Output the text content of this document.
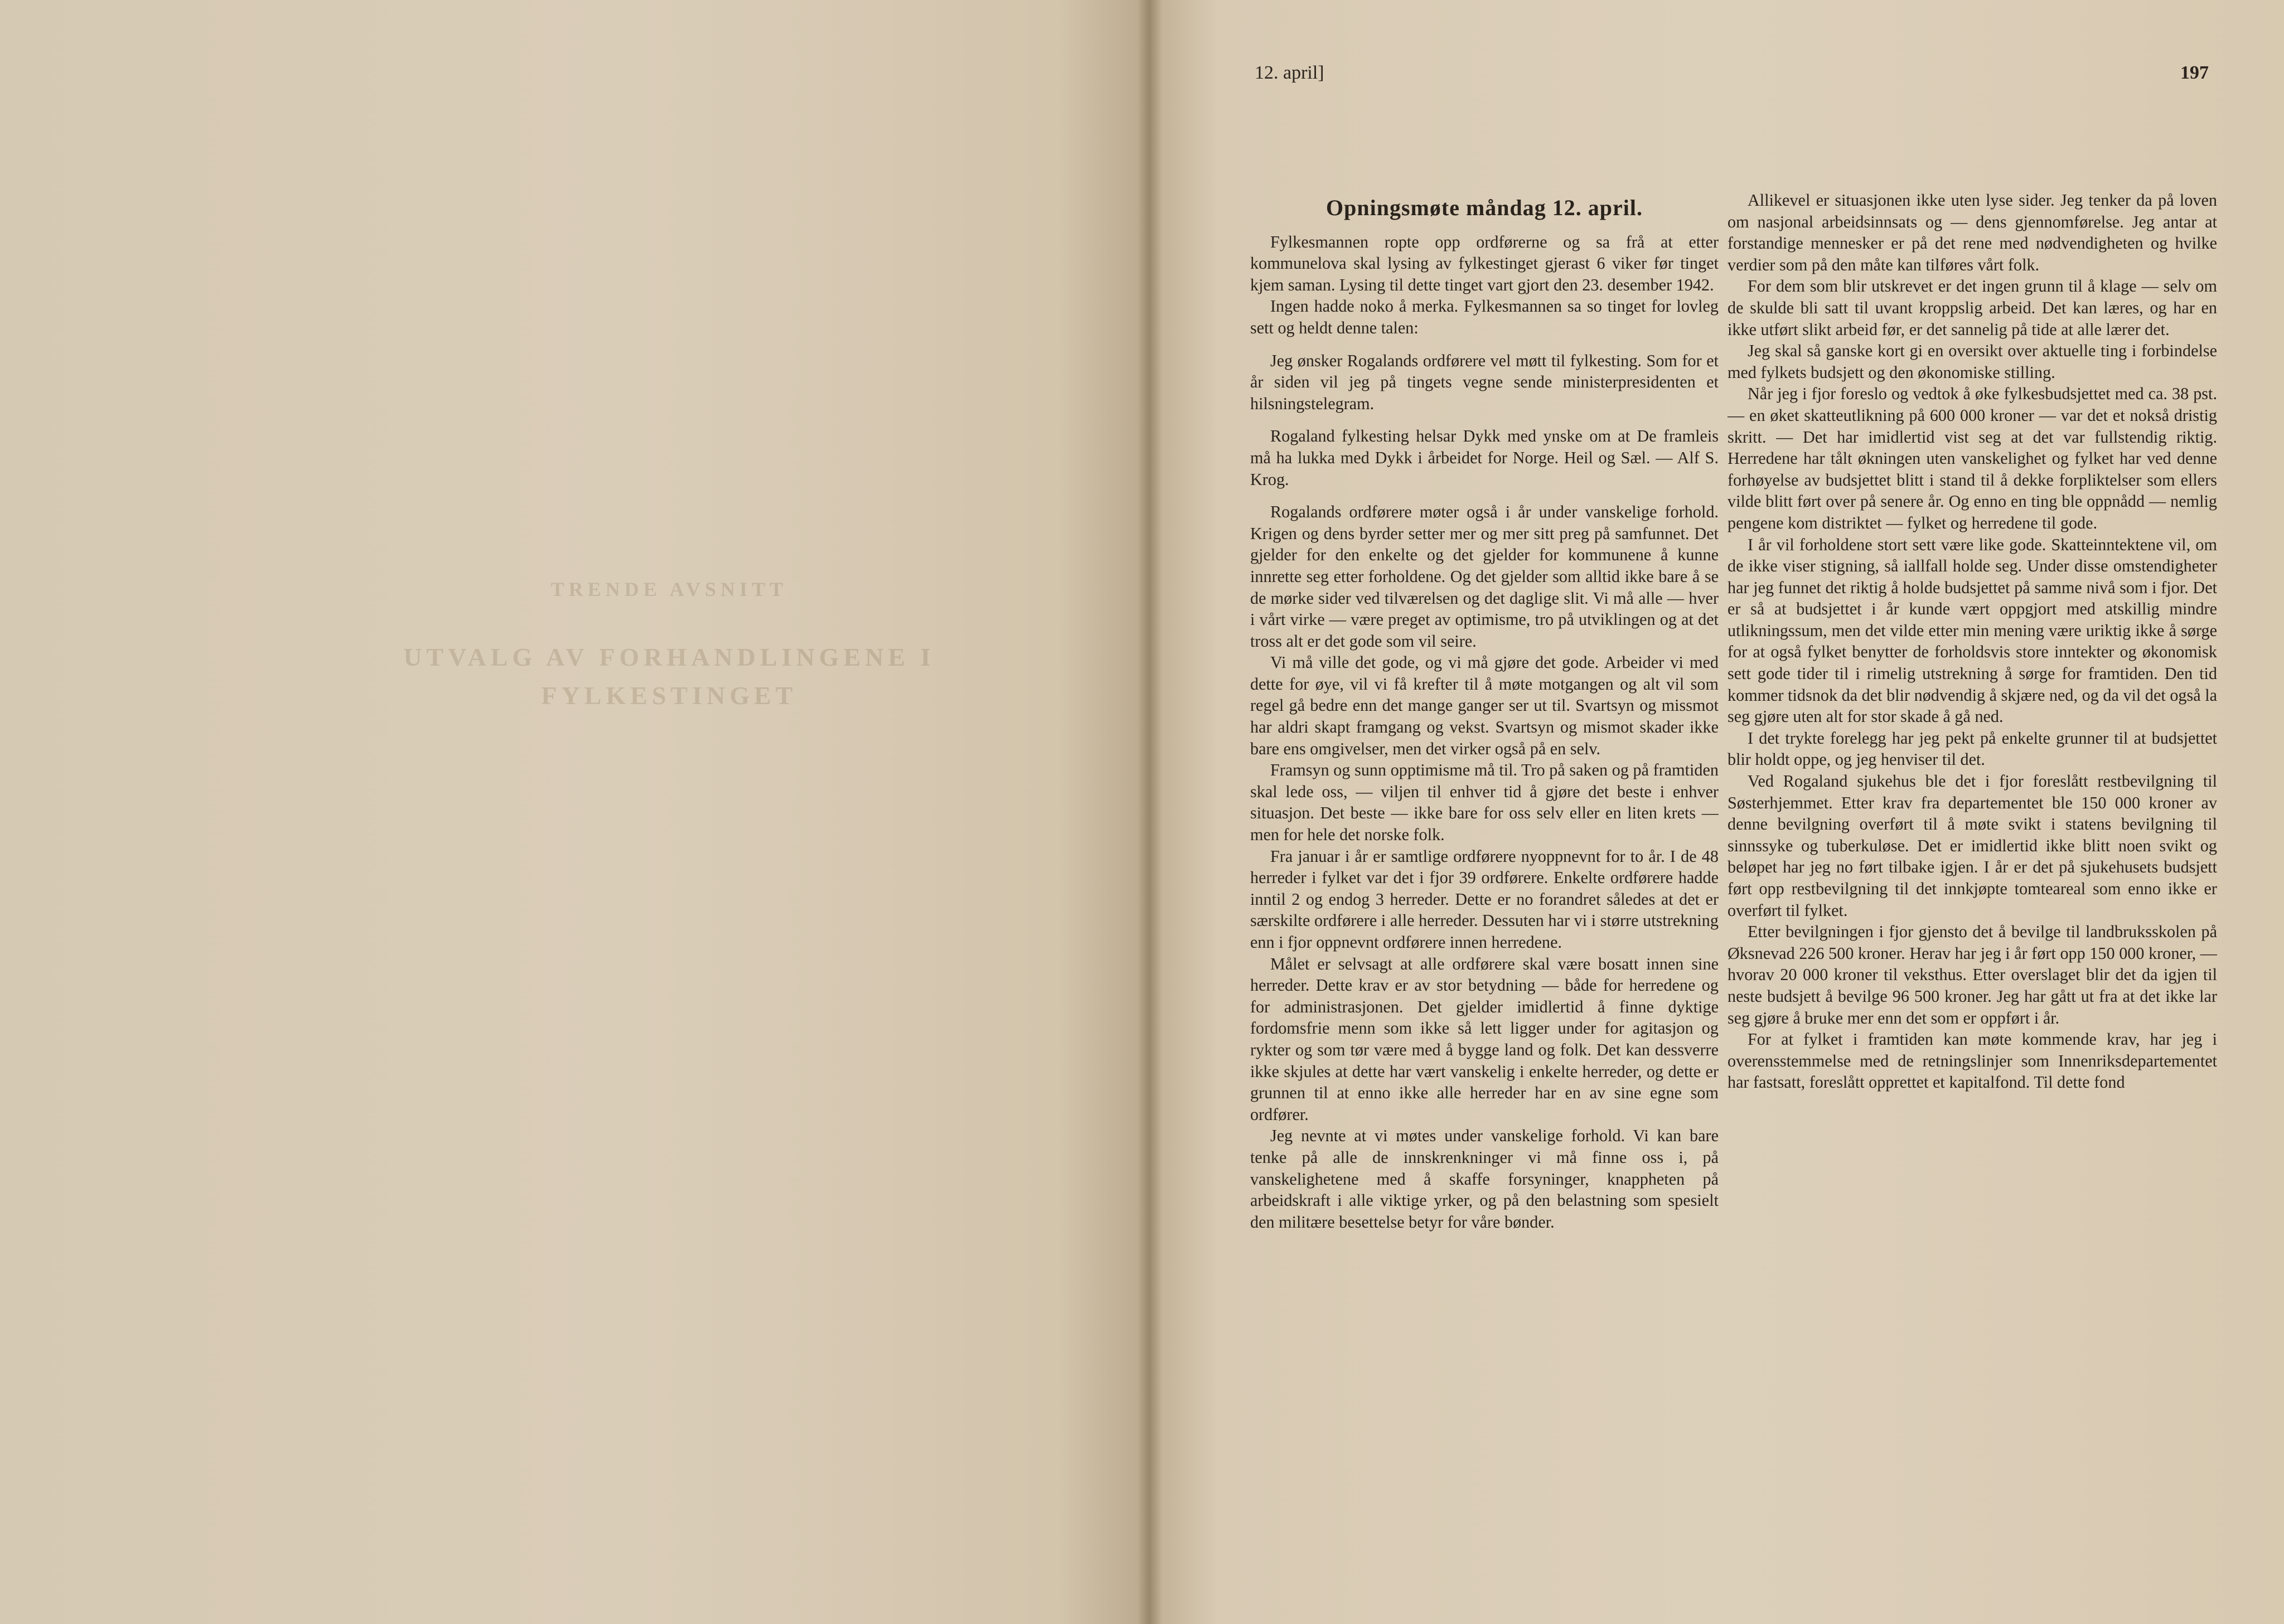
TRENDE AVSNITT
UTVALG AV FORHANDLINGENE I
FYLKESTINGET
12. april]	197
Opningsmøte måndag 12. april.

Fylkesmannen ropte opp ordførerne og sa frå at etter kommunelova skal lysing av fylkestinget gjerast 6 viker før tinget kjem saman. Lysing til dette tinget vart gjort den 23. desember 1942.

Ingen hadde noko å merka. Fylkesmannen sa so tinget for lovleg sett og heldt denne talen:

Jeg ønsker Rogalands ordførere vel møtt til fylkesting. Som for et år siden vil jeg på tingets vegne sende ministerpresidenten et hilsningstelegram.

Rogaland fylkesting helsar Dykk med ynske om at De framleis må ha lukka med Dykk i årbeidet for Norge. Heil og Sæl. — Alf S. Krog.

Rogalands ordførere møter også i år under vanskelige forhold. Krigen og dens byrder setter mer og mer sitt preg på samfunnet. Det gjelder for den enkelte og det gjelder for kommunene å kunne innrette seg etter forholdene. Og det gjelder som alltid ikke bare å se de mørke sider ved tilværelsen og det daglige slit. Vi må alle — hver i vårt virke — være preget av optimisme, tro på utviklingen og at det tross alt er det gode som vil seire.

Vi må ville det gode, og vi må gjøre det gode. Arbeider vi med dette for øye, vil vi få krefter til å møte motgangen og alt vil som regel gå bedre enn det mange ganger ser ut til. Svartsyn og missmot har aldri skapt framgang og vekst. Svartsyn og mismot skader ikke bare ens omgivelser, men det virker også på en selv.

Framsyn og sunn opptimisme må til. Tro på saken og på framtiden skal lede oss, — viljen til enhver tid å gjøre det beste i enhver situasjon. Det beste — ikke bare for oss selv eller en liten krets — men for hele det norske folk.

Fra januar i år er samtlige ordførere nyoppnevnt for to år. I de 48 herreder i fylket var det i fjor 39 ordførere. Enkelte ordførere hadde inntil 2 og endog 3 herreder. Dette er no forandret således at det er særskilte ordførere i alle herreder. Dessuten har vi i større utstrekning enn i fjor oppnevnt ordførere innen herredene.

Målet er selvsagt at alle ordførere skal være bosatt innen sine herreder. Dette krav er av stor betydning — både for herredene og for administrasjonen. Det gjelder imidlertid å finne dyktige fordomsfrie menn som ikke så lett ligger under for agitasjon og rykter og som tør være med å bygge land og folk. Det kan dessverre ikke skjules at dette har vært vanskelig i enkelte herreder, og dette er grunnen til at enno ikke alle herreder har en av sine egne som ordfører.

Jeg nevnte at vi møtes under vanskelige forhold. Vi kan bare tenke på alle de innskrenkninger vi må finne oss i, på vanskelighetene med å skaffe forsyninger, knappheten på arbeidskraft i alle viktige yrker, og på den belastning som spesielt den militære besettelse betyr for våre bønder.

Allikevel er situasjonen ikke uten lyse sider. Jeg tenker da på loven om nasjonal arbeidsinnsats og — dens gjennomførelse. Jeg antar at forstandige mennesker er på det rene med nødvendigheten og hvilke verdier som på den måte kan tilføres vårt folk.

For dem som blir utskrevet er det ingen grunn til å klage — selv om de skulde bli satt til uvant kroppslig arbeid. Det kan læres, og har en ikke utført slikt arbeid før, er det sannelig på tide at alle lærer det.

Jeg skal så ganske kort gi en oversikt over aktuelle ting i forbindelse med fylkets budsjett og den økonomiske stilling.

Når jeg i fjor foreslo og vedtok å øke fylkesbudsjettet med ca. 38 pst. — en øket skatteutlikning på 600 000 kroner — var det et nokså dristig skritt. — Det har imidlertid vist seg at det var fullstendig riktig. Herredene har tålt økningen uten vanskelighet og fylket har ved denne forhøyelse av budsjettet blitt i stand til å dekke forpliktelser som ellers vilde blitt ført over på senere år. Og enno en ting ble oppnådd — nemlig pengene kom distriktet — fylket og herredene til gode.

I år vil forholdene stort sett være like gode. Skatteinntektene vil, om de ikke viser stigning, så iallfall holde seg. Under disse omstendigheter har jeg funnet det riktig å holde budsjettet på samme nivå som i fjor. Det er så at budsjettet i år kunde vært oppgjort med atskillig mindre utlikningssum, men det vilde etter min mening være uriktig ikke å sørge for at også fylket benytter de forholdsvis store inntekter og økonomisk sett gode tider til i rimelig utstrekning å sørge for framtiden. Den tid kommer tidsnok da det blir nødvendig å skjære ned, og da vil det også la seg gjøre uten alt for stor skade å gå ned.

I det trykte forelegg har jeg pekt på enkelte grunner til at budsjettet blir holdt oppe, og jeg henviser til det.

Ved Rogaland sjukehus ble det i fjor foreslått restbevilgning til Søsterhjemmet. Etter krav fra departementet ble 150 000 kroner av denne bevilgning overført til å møte svikt i statens bevilgning til sinnssyke og tuberkuløse. Det er imidlertid ikke blitt noen svikt og beløpet har jeg no ført tilbake igjen. I år er det på sjukehusets budsjett ført opp restbevilgning til det innkjøpte tomteareal som enno ikke er overført til fylket.

Etter bevilgningen i fjor gjensto det å bevilge til landbruksskolen på Øksnevad 226 500 kroner. Herav har jeg i år ført opp 150 000 kroner, — hvorav 20 000 kroner til veksthus. Etter overslaget blir det da igjen til neste budsjett å bevilge 96 500 kroner. Jeg har gått ut fra at det ikke lar seg gjøre å bruke mer enn det som er oppført i år.

For at fylket i framtiden kan møte kommende krav, har jeg i overensstemmelse med de retningslinjer som Innenriksdepartementet har fastsatt, foreslått opprettet et kapitalfond. Til dette fond
